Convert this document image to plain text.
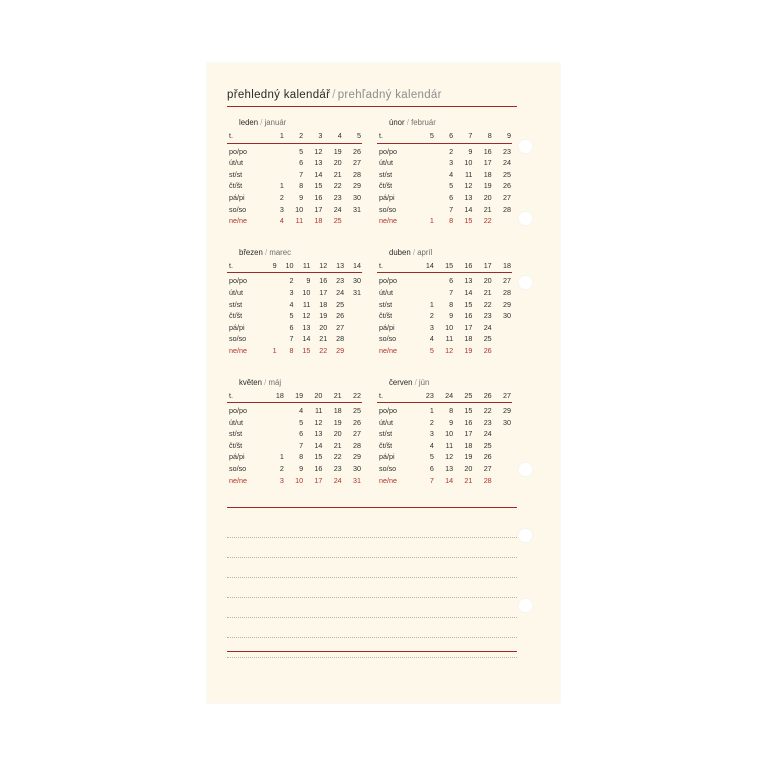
přehledný kalendář / prehľadný kalendár
leden / január
t.	1	2	3	4	5
po/po		5	12	19	26
út/ut		6	13	20	27
st/st		7	14	21	28
čt/št	1	8	15	22	29
pá/pi	2	9	16	23	30
so/so	3	10	17	24	31
ne/ne	4	11	18	25	
únor / február
t.	5	6	7	8	9
po/po		2	9	16	23
út/ut		3	10	17	24
st/st		4	11	18	25
čt/št		5	12	19	26
pá/pi		6	13	20	27
so/so		7	14	21	28
ne/ne	1	8	15	22	
březen / marec
t.	9	10	11	12	13	14
po/po		2	9	16	23	30
út/ut		3	10	17	24	31
st/st		4	11	18	25	
čt/št		5	12	19	26	
pá/pi		6	13	20	27	
so/so		7	14	21	28	
ne/ne	1	8	15	22	29	
duben / apríl
t.	14	15	16	17	18
po/po		6	13	20	27
út/ut		7	14	21	28
st/st	1	8	15	22	29
čt/št	2	9	16	23	30
pá/pi	3	10	17	24	
so/so	4	11	18	25	
ne/ne	5	12	19	26	
květen / máj
t.	18	19	20	21	22
po/po		4	11	18	25
út/ut		5	12	19	26
st/st		6	13	20	27
čt/št		7	14	21	28
pá/pi	1	8	15	22	29
so/so	2	9	16	23	30
ne/ne	3	10	17	24	31
červen / jún
t.	23	24	25	26	27
po/po	1	8	15	22	29
út/ut	2	9	16	23	30
st/st	3	10	17	24	
čt/št	4	11	18	25	
pá/pi	5	12	19	26	
so/so	6	13	20	27	
ne/ne	7	14	21	28	
